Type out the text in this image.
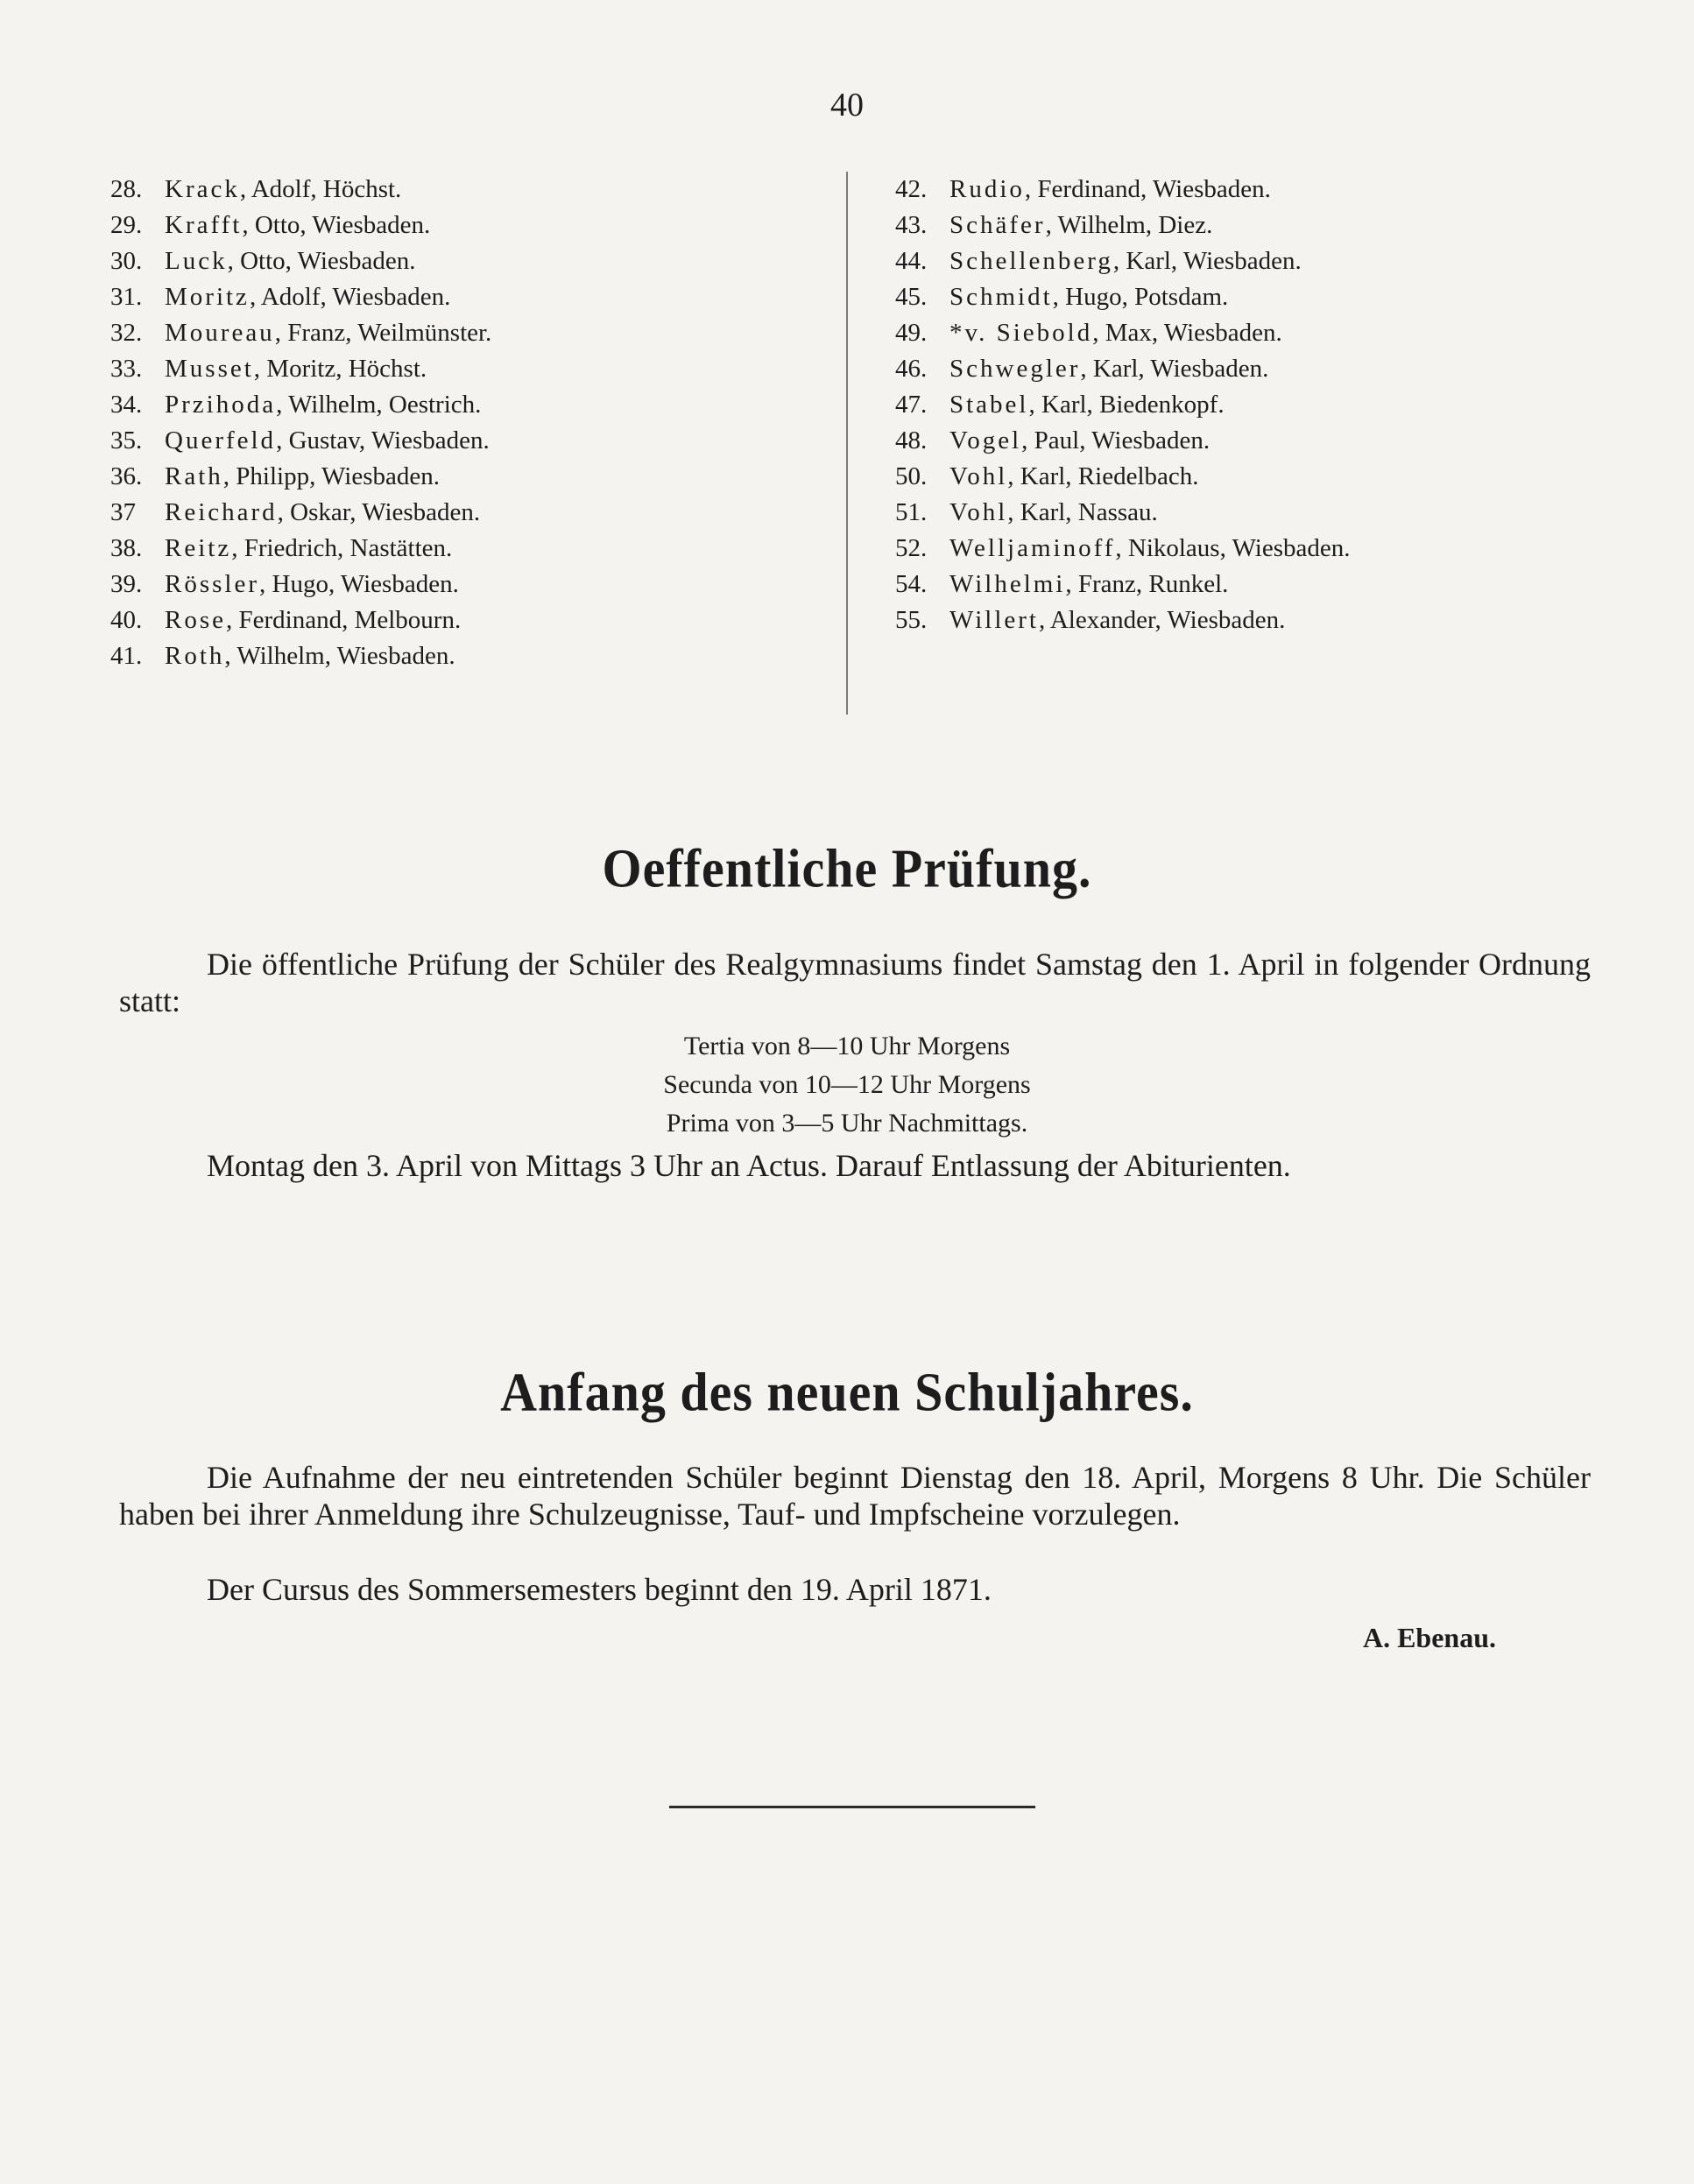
40
28. Krack, Adolf, Höchst.
29. Krafft, Otto, Wiesbaden.
30. Luck, Otto, Wiesbaden.
31. Moritz, Adolf, Wiesbaden.
32. Moureau, Franz, Weilmünster.
33. Musset, Moritz, Höchst.
34. Przihoda, Wilhelm, Oestrich.
35. Querfeld, Gustav, Wiesbaden.
36. Rath, Philipp, Wiesbaden.
37 Reichard, Oskar, Wiesbaden.
38. Reitz, Friedrich, Nastätten.
39. Rössler, Hugo, Wiesbaden.
40. Rose, Ferdinand, Melbourn.
41. Roth, Wilhelm, Wiesbaden.
42. Rudio, Ferdinand, Wiesbaden.
43. Schäfer, Wilhelm, Diez.
44. Schellenberg, Karl, Wiesbaden.
45. Schmidt, Hugo, Potsdam.
49. *v. Siebold, Max, Wiesbaden.
46. Schwegler, Karl, Wiesbaden.
47. Stabel, Karl, Biedenkopf.
48. Vogel, Paul, Wiesbaden.
50. Vohl, Karl, Riedelbach.
51. Vohl, Karl, Nassau.
52. Welljaminoff, Nikolaus, Wiesbaden.
54. Wilhelmi, Franz, Runkel.
55. Willert, Alexander, Wiesbaden.
Oeffentliche Prüfung.
Die öffentliche Prüfung der Schüler des Realgymnasiums findet Samstag den 1. April in folgender Ordnung statt:
Tertia von 8—10 Uhr Morgens
Secunda von 10—12 Uhr Morgens
Prima von 3—5 Uhr Nachmittags.
Montag den 3. April von Mittags 3 Uhr an Actus. Darauf Entlassung der Abiturienten.
Anfang des neuen Schuljahres.
Die Aufnahme der neu eintretenden Schüler beginnt Dienstag den 18. April, Morgens 8 Uhr. Die Schüler haben bei ihrer Anmeldung ihre Schulzeugnisse, Tauf- und Impfscheine vorzulegen.
Der Cursus des Sommersemesters beginnt den 19. April 1871.
A. Ebenau.
